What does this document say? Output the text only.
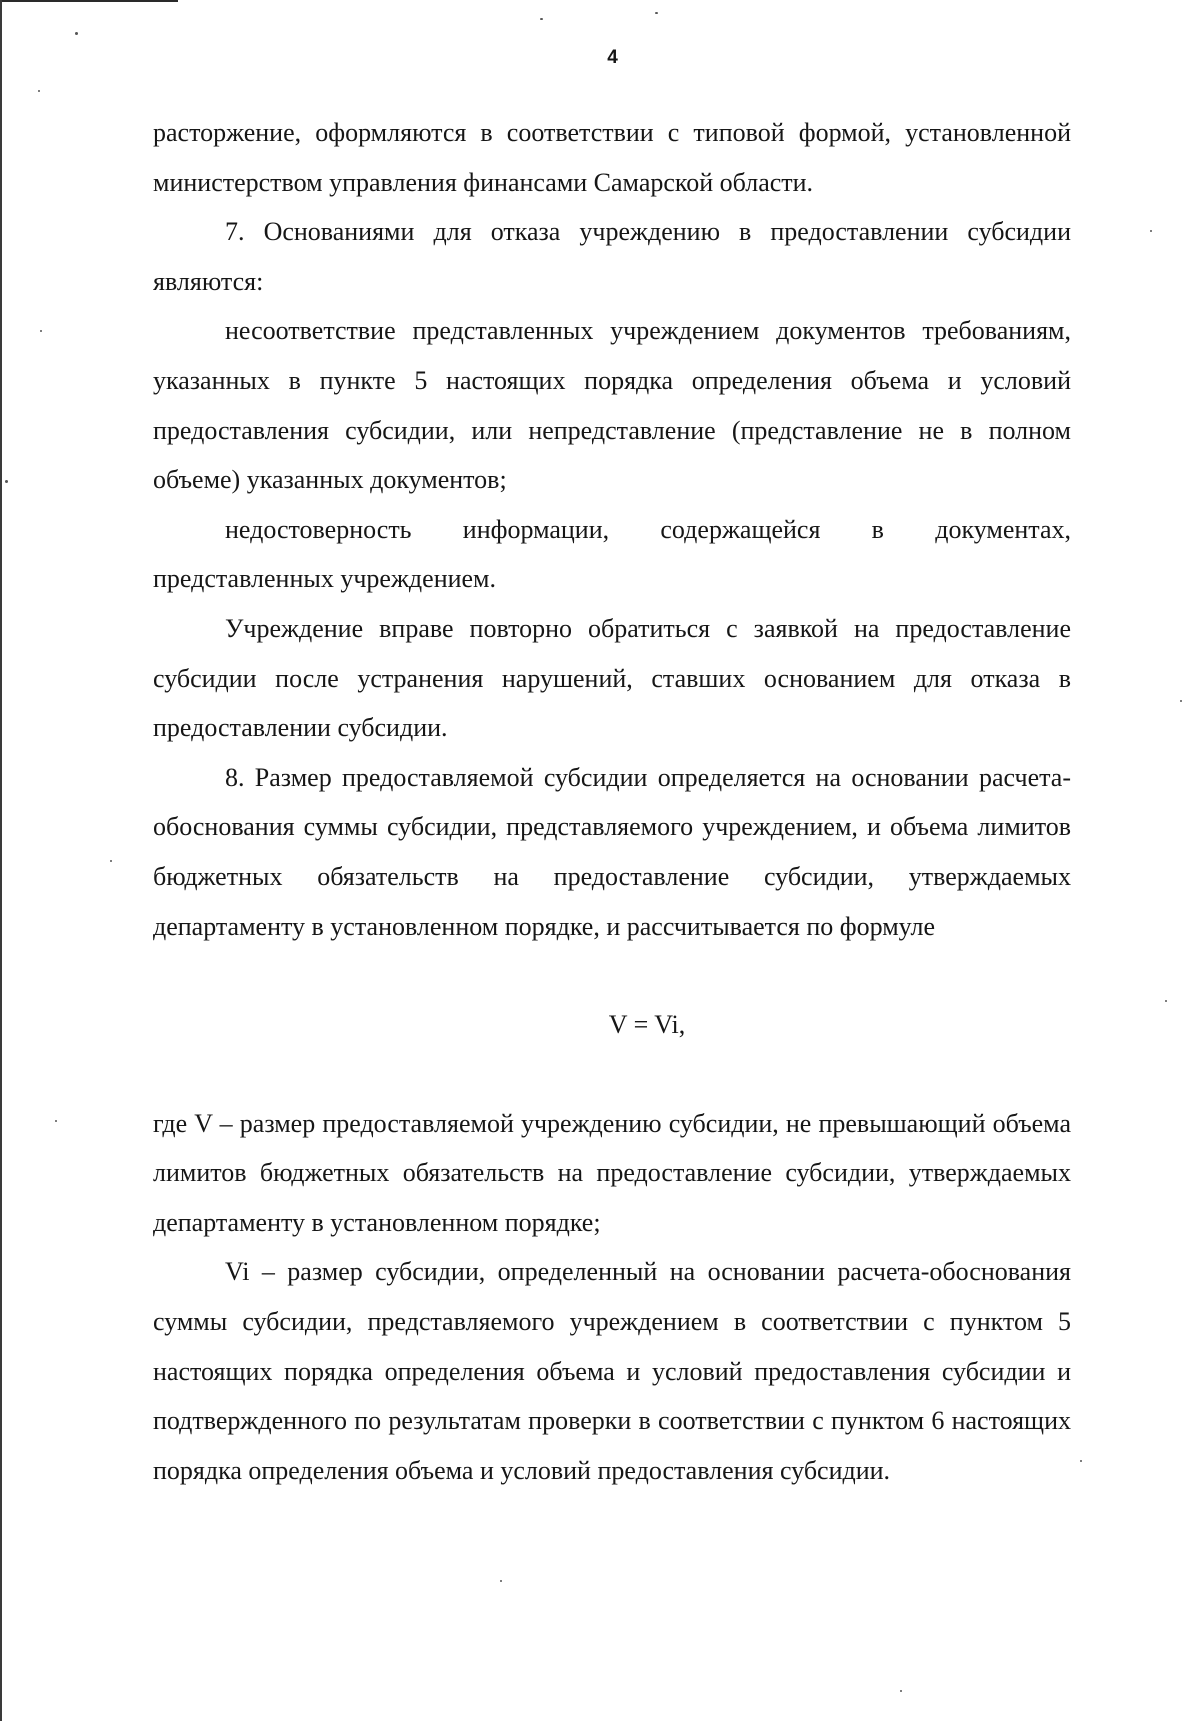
4

расторжение, оформляются в соответствии с типовой формой, установленной министерством управления финансами Самарской области.

7. Основаниями для отказа учреждению в предоставлении субсидии являются:

несоответствие представленных учреждением документов требованиям, указанных в пункте 5 настоящих порядка определения объема и условий предоставления субсидии, или непредставление (представление не в полном объеме) указанных документов;

недостоверность информации, содержащейся в документах, представленных учреждением.

Учреждение вправе повторно обратиться с заявкой на предоставление субсидии после устранения нарушений, ставших основанием для отказа в предоставлении субсидии.

8. Размер предоставляемой субсидии определяется на основании расчета-обоснования суммы субсидии, представляемого учреждением, и объема лимитов бюджетных обязательств на предоставление субсидии, утверждаемых департаменту в установленном порядке, и рассчитывается по формуле

V = Vi,

где V – размер предоставляемой учреждению субсидии, не превышающий объема лимитов бюджетных обязательств на предоставление субсидии, утверждаемых департаменту в установленном порядке;

Vi – размер субсидии, определенный на основании расчета-обоснования суммы субсидии, представляемого учреждением в соответствии с пунктом 5 настоящих порядка определения объема и условий предоставления субсидии и подтвержденного по результатам проверки в соответствии с пунктом 6 настоящих порядка определения объема и условий предоставления субсидии.
